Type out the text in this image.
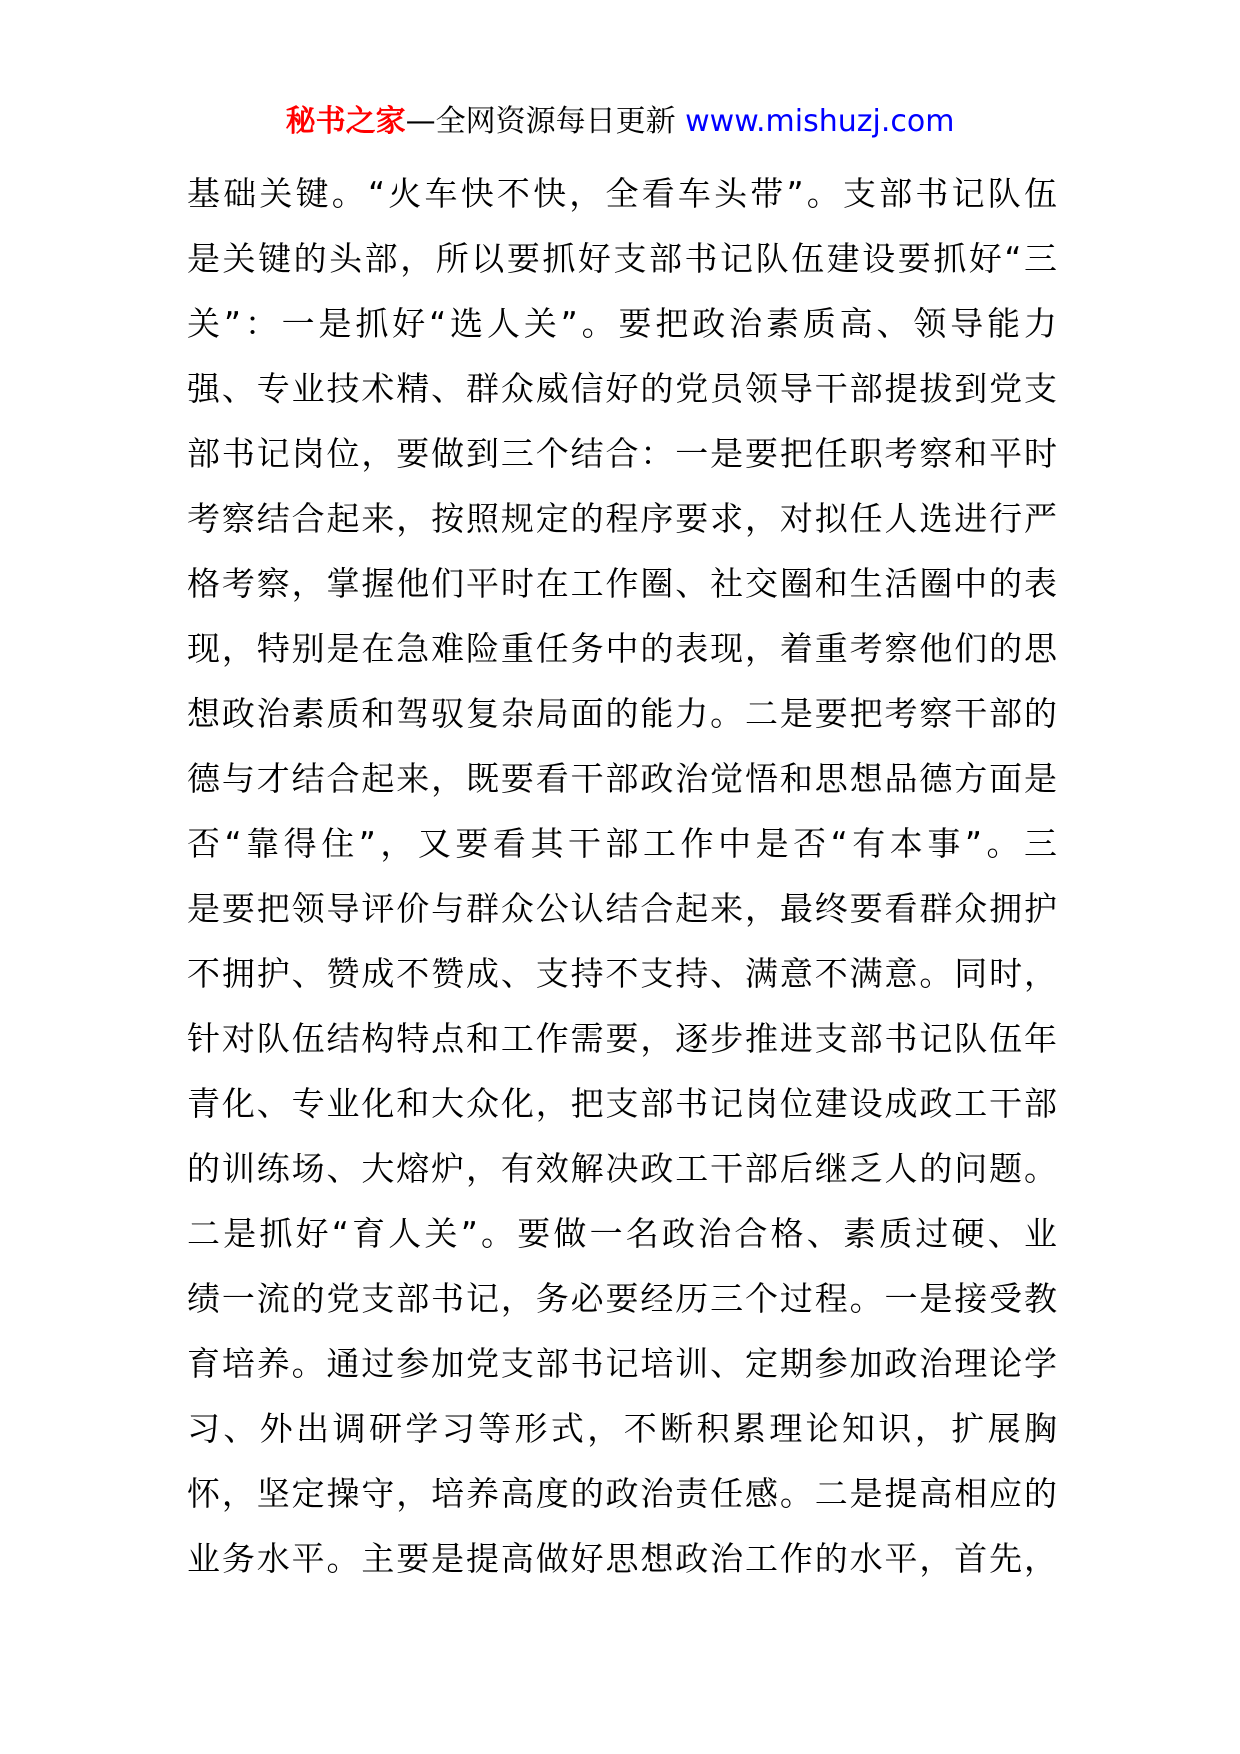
秘书之家—全网资源每日更新 www.mishuzj.com
基础关键。“火车快不快，全看车头带”。支部书记队伍
是关键的头部，所以要抓好支部书记队伍建设要抓好“三
关”：一是抓好“选人关”。要把政治素质高、领导能力
强、专业技术精、群众威信好的党员领导干部提拔到党支
部书记岗位，要做到三个结合：一是要把任职考察和平时
考察结合起来，按照规定的程序要求，对拟任人选进行严
格考察，掌握他们平时在工作圈、社交圈和生活圈中的表
现，特别是在急难险重任务中的表现，着重考察他们的思
想政治素质和驾驭复杂局面的能力。二是要把考察干部的
德与才结合起来，既要看干部政治觉悟和思想品德方面是
否“靠得住”，又要看其干部工作中是否“有本事”。三
是要把领导评价与群众公认结合起来，最终要看群众拥护
不拥护、赞成不赞成、支持不支持、满意不满意。同时，
针对队伍结构特点和工作需要，逐步推进支部书记队伍年
青化、专业化和大众化，把支部书记岗位建设成政工干部
的训练场、大熔炉，有效解决政工干部后继乏人的问题。
二是抓好“育人关”。要做一名政治合格、素质过硬、业
绩一流的党支部书记，务必要经历三个过程。一是接受教
育培养。通过参加党支部书记培训、定期参加政治理论学
习、外出调研学习等形式，不断积累理论知识，扩展胸
怀，坚定操守，培养高度的政治责任感。二是提高相应的
业务水平。主要是提高做好思想政治工作的水平，首先，
